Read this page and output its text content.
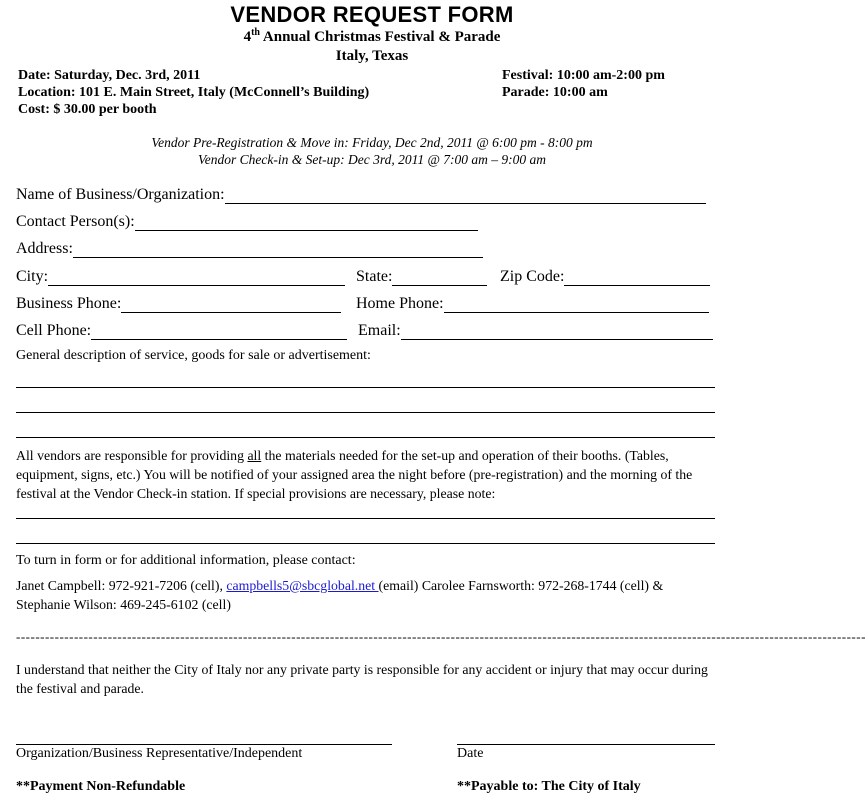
VENDOR REQUEST FORM
4th Annual Christmas Festival & Parade
Italy, Texas
Date: Saturday, Dec. 3rd, 2011
Location: 101 E. Main Street, Italy (McConnell’s Building)
Cost: $ 30.00 per booth
Festival: 10:00 am-2:00 pm
Parade: 10:00 am
Vendor Pre-Registration & Move in: Friday, Dec 2nd, 2011 @ 6:00 pm - 8:00 pm
Vendor Check-in & Set-up: Dec 3rd, 2011 @ 7:00 am – 9:00 am
Name of Business/Organization:
Contact Person(s):
Address:
City:	State:	Zip Code:
Business Phone:	Home Phone:
Cell Phone:	Email:
General description of service, goods for sale or advertisement:
All vendors are responsible for providing all the materials needed for the set-up and operation of their booths. (Tables, equipment, signs, etc.) You will be notified of your assigned area the night before (pre-registration) and the morning of the festival at the Vendor Check-in station. If special provisions are necessary, please note:
To turn in form or for additional information, please contact:
Janet Campbell: 972-921-7206 (cell), campbells5@sbcglobal.net (email) Carolee Farnsworth: 972-268-1744 (cell) & Stephanie Wilson: 469-245-6102 (cell)
--------------------------------------------------------------------------------------------------------------------------------------------------------------------------------
I understand that neither the City of Italy nor any private party is responsible for any accident or injury that may occur during the festival and parade.
Organization/Business Representative/Independent	Date
**Payment Non-Refundable	**Payable to: The City of Italy
